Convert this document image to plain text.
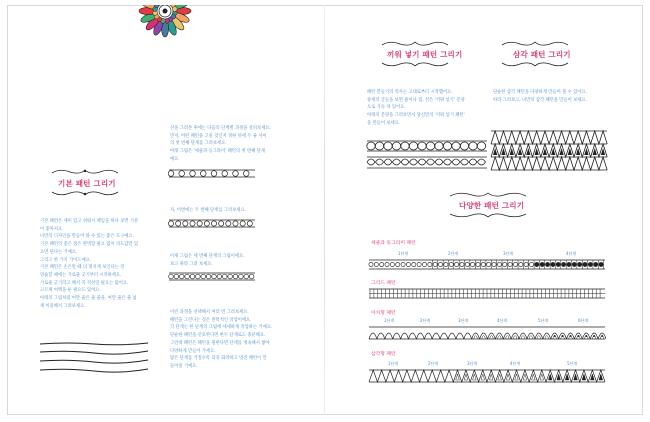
기본 패턴 그리기

기본 패턴은 제미 있고 쉬워서 책임을 하다 보면 기분

이 좋아져요.

나만의 디자인을 만들어 볼 수 있는 좋은 도구예요.

기본 패턴의 좋은 점은 완벽할 필요 없이 의도감만 있

으면 된다는 거예요.

그리고 한 가지 가이드예요.

기본 패턴은 손은말 때 더 멋지게 보인다는 것

연습할 때에는 가로줄 긋기부터 시작하세요.

가로줄 긋기라고 해서 꼭 직선일 필요는 없어요.

고르게 여백을 둔 필요도 있어요.

아래의 그림처럼 여만 줄은 줄 줄을, 여만 줄은 줄 넓

게 이용해서 그려보세요.

선을 그려본 후에는 다음의 단계별 과정을 살펴보세요.

먼저, 어떤 패턴을 고릴 것인지 정한 뒤에 두 줄 사이

의 첫 번째 단계를 그려보세요.

아래 그림은 '세줄과 동그라미' 패턴의 첫 번째 단계

예요.

자, 이번에는 두 번째 단계를 그려보세요.

이제 그림은 세 번째 단계의 그림이에요.

보고 따라 그려 보세요.

이런 과정을 선택해서 여러 번 그려보세요.

패턴을 그린다는 것은 반복적인 작업이에요.

각 단계는 한 단계의 그림에 세세하게 작업하는 거예요.

단순한 패턴을 선호한다면 한두 단계로도 충분해요.

그런데 패턴은 패턴을 원한다면 단계를 계속해서 쌓아

다양하게 만들어 가세요.

많은 단계를 거칠수록 더욱 화려하고 멋진 패턴이 만

들어질 거예요.

끼워 넣기 패턴 그리기	삼각 패턴 그리기

패턴 만들기의 역사는 고대로부터 시작했어요.

중세의 글들을 보면 줄이나 점, 선은 '끼워 넣기' 문양

으로 가득 차 있어요.

아래의 문양을 그려보면서 당신만의 '끼워 넣기 패턴'

을 만들어 보세요.

단순한 삼각 패턴을 다양하게 만들어 볼 수 있어요.

따라 그려보고, 나만의 삼각 패턴을 만들어 보세요.

다양한 패턴 그리기
세줄과 동그라미 패턴
1단계	2단계	3단계	4단계
그리드 패턴
아치형 패턴
1단계	2단계	3단계	4단계	5단계	6단계
삼각형 패턴
1단계	2단계	3단계	4단계	5단계
